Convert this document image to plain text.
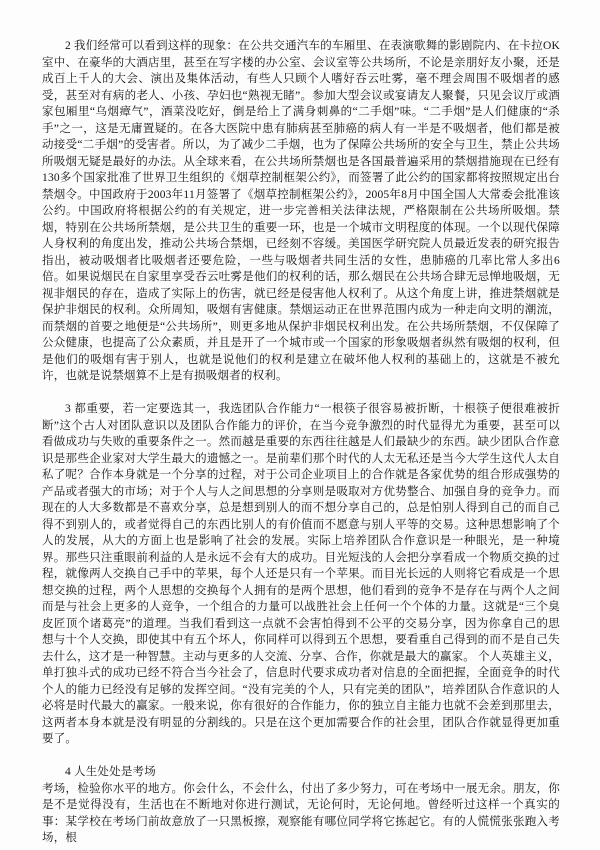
2 我们经常可以看到这样的现象：在公共交通汽车的车厢里、在表演歌舞的影剧院内、在卡拉OK室中、在豪华的大酒店里，甚至在写字楼的办公室、会议室等公共场所，不论是亲朋好友小聚，还是成百上千人的大会、演出及集体活动，有些人只顾个人嗜好吞云吐雾，毫不理会周围不吸烟者的感受，甚至对有病的老人、小孩、孕妇也“熟视无睹”。参加大型会议或宴请友人聚餐，只见会议厅或酒家包厢里“乌烟瘴气”，酒菜没吃好，倒是给上了满身刺鼻的“二手烟”味。“二手烟”是人们健康的“杀手”之一，这是无庸置疑的。在各大医院中患有肺病甚至肺癌的病人有一半是不吸烟者，他们都是被动接受“二手烟”的受害者。所以，为了减少二手烟，也为了保障公共场所的安全与卫生，禁止公共场所吸烟无疑是最好的办法。从全球来看，在公共场所禁烟也是各国最普遍采用的禁烟措施现在已经有130多个国家批准了世界卫生组织的《烟草控制框架公约》，而签署了此公约的国家都将按照规定出台禁烟令。中国政府于2003年11月签署了《烟草控制框架公约》，2005年8月中国全国人大常委会批准该公约。中国政府将根据公约的有关规定，进一步完善相关法律法规，严格限制在公共场所吸烟。禁烟，特别在公共场所禁烟，是公共卫生的重要一环，也是一个城市文明程度的体现。一个以现代保障人身权利的角度出发，推动公共场合禁烟，已经刻不容缓。美国医学研究院人员最近发表的研究报告指出，被动吸烟者比吸烟者还要危险，一些与吸烟者共同生活的女性，患肺癌的几率比常人多出6倍。如果说烟民在自家里享受吞云吐雾是他们的权利的话，那么烟民在公共场合肆无忌惮地吸烟，无视非烟民的存在，造成了实际上的伤害，就已经是侵害他人权利了。从这个角度上讲，推进禁烟就是保护非烟民的权利。众所周知，吸烟有害健康。禁烟运动正在世界范围内成为一种走向文明的潮流，而禁烟的首要之地便是“公共场所”，则更多地从保护非烟民权利出发。在公共场所禁烟，不仅保障了公众健康，也提高了公众素质，并且是开了一个城市或一个国家的形象吸烟者纵然有吸烟的权利，但是他们的吸烟有害于别人，也就是说他们的权利是建立在破坏他人权利的基础上的，这就是不被允许，也就是说禁烟算不上是有损吸烟者的权利。

3 都重要，若一定要选其一，我选团队合作能力“一根筷子很容易被折断，十根筷子便很难被折断”这个古人对团队意识以及团队合作能力的评价，在当今竞争激烈的时代显得尤为重要，甚至可以看做成功与失败的重要条件之一。然而越是重要的东西往往越是人们最缺少的东西。缺少团队合作意识是那些企业家对大学生最大的遗憾之一。是前辈们那个时代的人太无私还是当今大学生这代人太自私了呢？合作本身就是一个分享的过程，对于公司企业项目上的合作就是各家优势的组合形成强势的产品或者强大的市场；对于个人与人之间思想的分享则是吸取对方优势整合、加强自身的竞争力。而现在的人大多数都是不喜欢分享，总是想到别人的而不想分享自己的，总是怕别人得到自己的而自己得不到别人的，或者觉得自己的东西比别人的有价值而不愿意与别人平等的交易。这种思想影响了个人的发展，从大的方面上也是影响了社会的发展。实际上培养团队合作意识是一种眼光，是一种境界。那些只注重眼前利益的人是永远不会有大的成功。目光短浅的人会把分享看成一个物质交换的过程，就像两人交换自己手中的苹果，每个人还是只有一个苹果。而目光长远的人则将它看成是一个思想交换的过程，两个人思想的交换每个人拥有的是两个思想，他们看到的竞争不是存在与两个人之间而是与社会上更多的人竞争，一个组合的力量可以战胜社会上任何一个个体的力量。这就是“三个臭皮匠顶个诸葛亮”的道理。当我们看到这一点就不会害怕得到不公平的交易分享，因为你拿自己的思想与十个人交换，即使其中有五个坏人，你同样可以得到五个思想，要看重自己得到的而不是自己失去什么，这才是一种智慧。主动与更多的人交流、分享、合作，你就是最大的赢家。 个人英雄主义，单打独斗式的成功已经不符合当今社会了，信息时代要求成功者对信息的全面把握，全面竞争的时代个人的能力已经没有足够的发挥空间。“没有完美的个人，只有完美的团队”，培养团队合作意识的人必将是时代最大的赢家。一般来说，你有很好的合作能力，你的独立自主能力也就不会差到那里去，这两者本身本就是没有明显的分割线的。只是在这个更加需要合作的社会里，团队合作就显得更加重要了。

4 人生处处是考场

考场，检验你水平的地方。你会什么，不会什么，付出了多少努力，可在考场中一展无余。朋友，你是不是觉得没有，生活也在不断地对你进行测试，无论何时，无论何地。曾经听过这样一个真实的事：某学校在考场门前故意放了一只黑板擦，观察能有哪位同学将它拣起它。有的人慌慌张张跑入考场，根
